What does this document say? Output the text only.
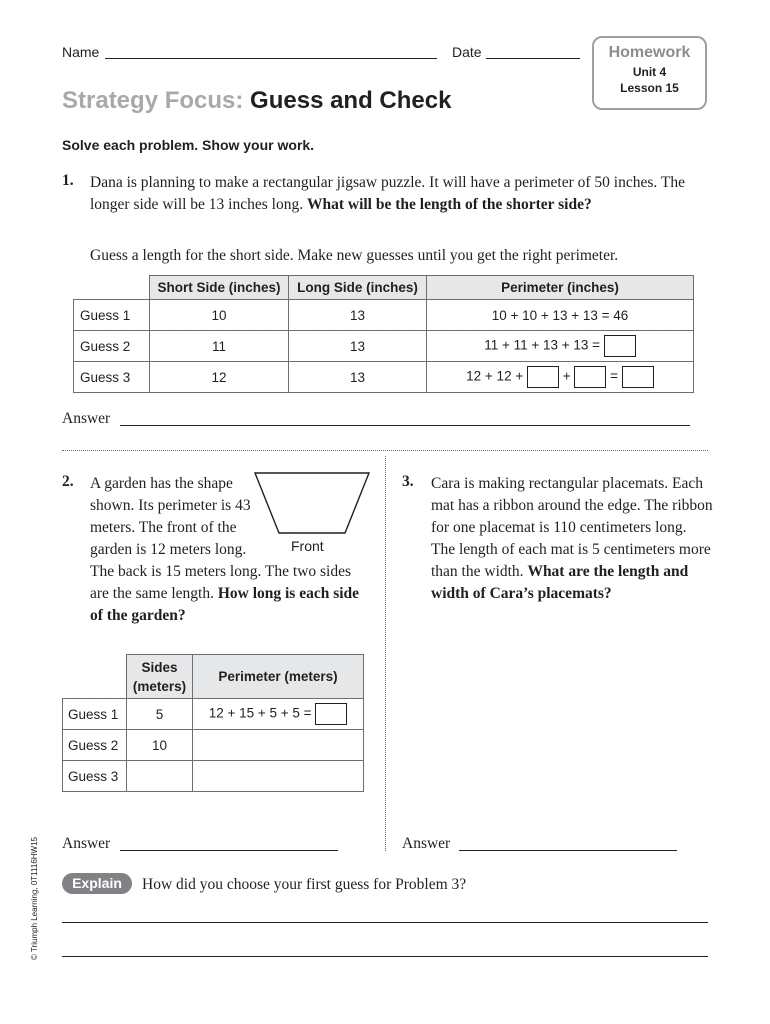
Name	Date	Homework
Unit 4
Lesson 15
Strategy Focus: Guess and Check
Solve each problem. Show your work.
1. Dana is planning to make a rectangular jigsaw puzzle. It will have a perimeter of 50 inches. The longer side will be 13 inches long. What will be the length of the shorter side?
Guess a length for the short side. Make new guesses until you get the right perimeter.
	Short Side (inches)	Long Side (inches)	Perimeter (inches)
Guess 1	10	13	10 + 10 + 13 + 13 = 46
Guess 2	11	13	11 + 11 + 13 + 13 =
Guess 3	12	13	12 + 12 + + =
Answer
2. A garden has the shape shown. Its perimeter is 43 meters. The front of the garden is 12 meters long. The back is 15 meters long. The two sides are the same length. How long is each side of the garden?
Front
	Sides (meters)	Perimeter (meters)
Guess 1	5	12 + 15 + 5 + 5 =
Guess 2	10	
Guess 3		
Answer
3. Cara is making rectangular placemats. Each mat has a ribbon around the edge. The ribbon for one placemat is 110 centimeters long. The length of each mat is 5 centimeters more than the width. What are the length and width of Cara’s placemats?
Answer
Explain	How did you choose your first guess for Problem 3?
© Triumph Learning, 0T1116HW15
